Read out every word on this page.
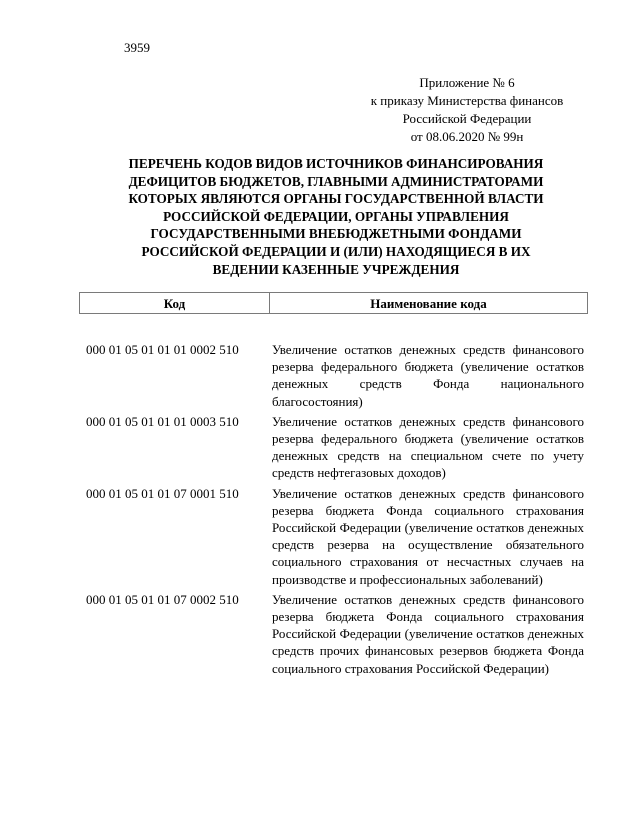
3959
Приложение № 6
к приказу Министерства финансов
Российской Федерации
от 08.06.2020 № 99н
ПЕРЕЧЕНЬ КОДОВ ВИДОВ ИСТОЧНИКОВ ФИНАНСИРОВАНИЯ
ДЕФИЦИТОВ БЮДЖЕТОВ, ГЛАВНЫМИ АДМИНИСТРАТОРАМИ
КОТОРЫХ ЯВЛЯЮТСЯ ОРГАНЫ ГОСУДАРСТВЕННОЙ ВЛАСТИ
РОССИЙСКОЙ ФЕДЕРАЦИИ, ОРГАНЫ УПРАВЛЕНИЯ
ГОСУДАРСТВЕННЫМИ ВНЕБЮДЖЕТНЫМИ ФОНДАМИ
РОССИЙСКОЙ ФЕДЕРАЦИИ И (ИЛИ) НАХОДЯЩИЕСЯ В ИХ
ВЕДЕНИИ КАЗЕННЫЕ УЧРЕЖДЕНИЯ
Код	Наименование кода
000 01 05 01 01 01 0002 510	Увеличение остатков денежных средств финансового резерва федерального бюджета (увеличение остатков денежных средств Фонда национального благосостояния)
000 01 05 01 01 01 0003 510	Увеличение остатков денежных средств финансового резерва федерального бюджета (увеличение остатков денежных средств на специальном счете по учету средств нефтегазовых доходов)
000 01 05 01 01 07 0001 510	Увеличение остатков денежных средств финансового резерва бюджета Фонда социального страхования Российской Федерации (увеличение остатков денежных средств резерва на осуществление обязательного социального страхования от несчастных случаев на производстве и профессиональных заболеваний)
000 01 05 01 01 07 0002 510	Увеличение остатков денежных средств финансового резерва бюджета Фонда социального страхования Российской Федерации (увеличение остатков денежных средств прочих финансовых резервов бюджета Фонда социального страхования Российской Федерации)
